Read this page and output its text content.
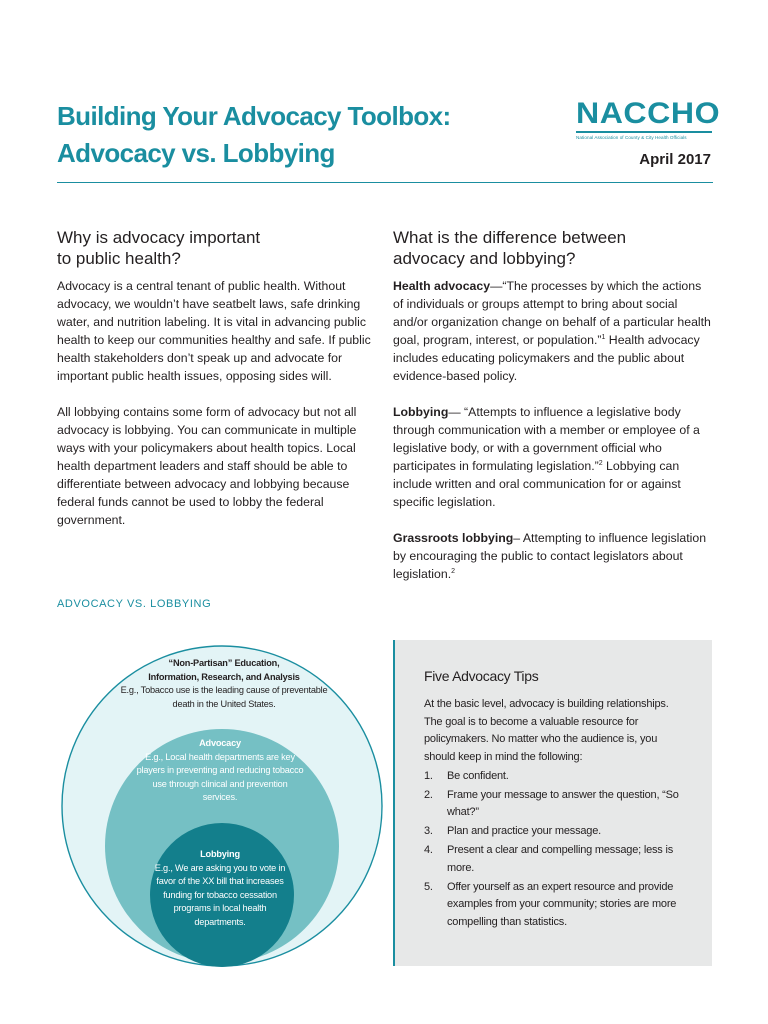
Building Your Advocacy Toolbox:
Advocacy vs. Lobbying
NACCHO
National Association of County & City Health Officials
April 2017
Why is advocacy important
to public health?

Advocacy is a central tenant of public health. Without advocacy, we wouldn’t have seatbelt laws, safe drinking water, and nutrition labeling. It is vital in advancing public health to keep our communities healthy and safe. If public health stakeholders don’t speak up and advocate for important public health issues, opposing sides will.

All lobbying contains some form of advocacy but not all advocacy is lobbying. You can communicate in multiple ways with your policymakers about health topics. Local health department leaders and staff should be able to differentiate between advocacy and lobbying because federal funds cannot be used to lobby the federal government.

What is the difference between
advocacy and lobbying?

Health advocacy—“The processes by which the actions of individuals or groups attempt to bring about social and/or organization change on behalf of a particular health goal, program, interest, or population.”$^1$ Health advocacy includes educating policymakers and the public about evidence-based policy.

Lobbying— “Attempts to influence a legislative body through communication with a member or employee of a legislative body, or with a government official who participates in formulating legislation.”$^2$ Lobbying can include written and oral communication for or against specific legislation.

Grassroots lobbying– Attempting to influence legislation by encouraging the public to contact legislators about legislation.$^2$

ADVOCACY VS. LOBBYING
“Non-Partisan” Education,
Information, Research, and Analysis
E.g., Tobacco use is the leading cause of preventable death in the United States.
Advocacy
E.g., Local health departments are key players in preventing and reducing tobacco use through clinical and prevention services.
Lobbying
E.g., We are asking you to vote in favor of the XX bill that increases funding for tobacco cessation programs in local health departments.
Five Advocacy Tips
At the basic level, advocacy is building relationships. The goal is to become a valuable resource for policymakers. No matter who the audience is, you should keep in mind the following:
1.	Be confident.
2.	Frame your message to answer the question, “So what?”
3.	Plan and practice your message.
4.	Present a clear and compelling message; less is more.
5.	Offer yourself as an expert resource and provide examples from your community; stories are more compelling than statistics.
